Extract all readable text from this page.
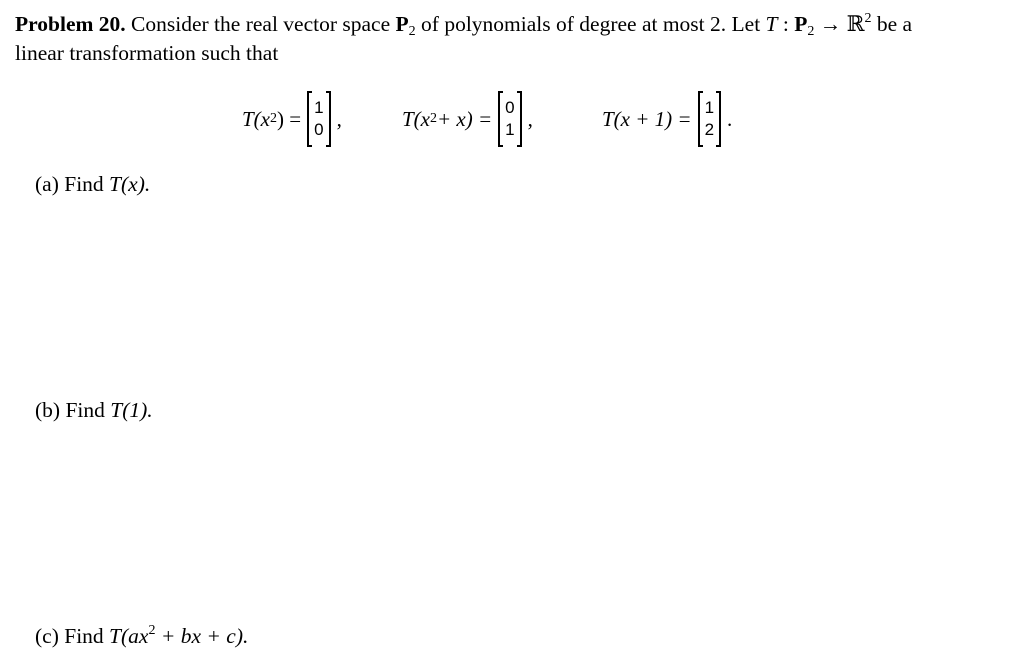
Problem 20. Consider the real vector space $P_2$ of polynomials of degree at most 2. Let T : $P_2$ → ℝ$^2$ be a
linear transformation such that
T(x 2 ) = 1
0 ,	T(x 2 + x) = 0
1 ,	T(x + 1) = 1
2 .
(a) Find T(x).
(b) Find T(1).
(c) Find $T(ax^2$ + bx + c).
